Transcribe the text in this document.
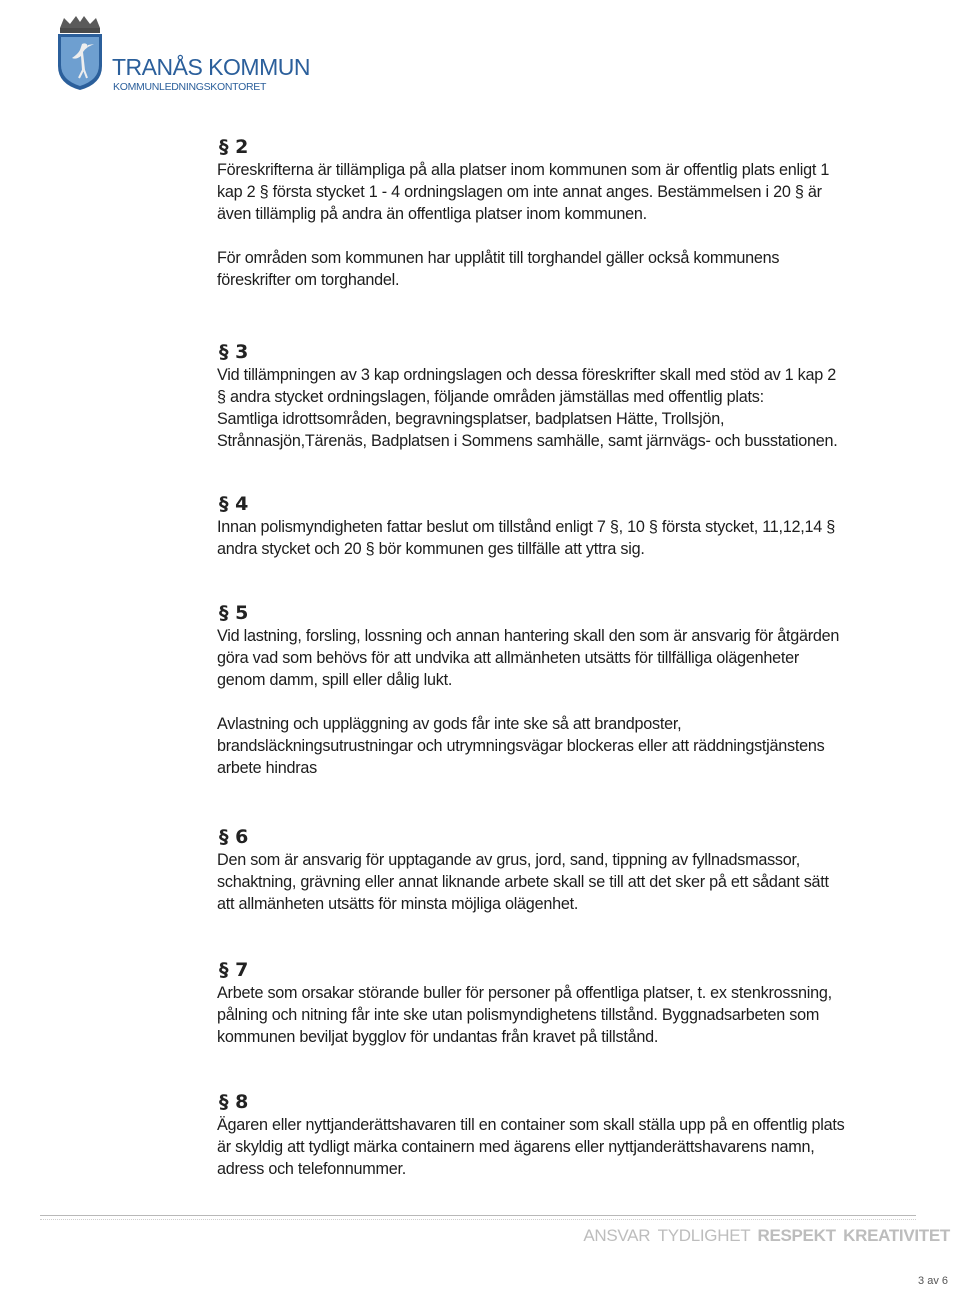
TRANÅS KOMMUN
KOMMUNLEDNINGSKONTORET
§ 2

Föreskrifterna är tillämpliga på alla platser inom kommunen som är offentlig plats enligt 1
kap 2 § första stycket 1 - 4 ordningslagen om inte annat anges. Bestämmelsen i 20 § är
även tillämplig på andra än offentliga platser inom kommunen.

För områden som kommunen har upplåtit till torghandel gäller också kommunens
föreskrifter om torghandel.

§ 3

Vid tillämpningen av 3 kap ordningslagen och dessa föreskrifter skall med stöd av 1 kap 2
§ andra stycket ordningslagen, följande områden jämställas med offentlig plats:
Samtliga idrottsområden, begravningsplatser, badplatsen Hätte, Trollsjön,
Strånnasjön,Tärenäs, Badplatsen i Sommens samhälle, samt järnvägs- och busstationen.

§ 4

Innan polismyndigheten fattar beslut om tillstånd enligt 7 §, 10 § första stycket, 11,12,14 §
andra stycket och 20 § bör kommunen ges tillfälle att yttra sig.

§ 5

Vid lastning, forsling, lossning och annan hantering skall den som är ansvarig för åtgärden
göra vad som behövs för att undvika att allmänheten utsätts för tillfälliga olägenheter
genom damm, spill eller dålig lukt.

Avlastning och uppläggning av gods får inte ske så att brandposter,
brandsläckningsutrustningar och utrymningsvägar blockeras eller att räddningstjänstens
arbete hindras

§ 6

Den som är ansvarig för upptagande av grus, jord, sand, tippning av fyllnadsmassor,
schaktning, grävning eller annat liknande arbete skall se till att det sker på ett sådant sätt
att allmänheten utsätts för minsta möjliga olägenhet.

§ 7

Arbete som orsakar störande buller för personer på offentliga platser, t. ex stenkrossning,
pålning och nitning får inte ske utan polismyndighetens tillstånd. Byggnadsarbeten som
kommunen beviljat bygglov för undantas från kravet på tillstånd.

§ 8

Ägaren eller nyttjanderättshavaren till en container som skall ställa upp på en offentlig plats
är skyldig att tydligt märka containern med ägarens eller nyttjanderättshavarens namn,
adress och telefonnummer.

ANSVAR TYDLIGHET RESPEKT KREATIVITET
3 av 6
